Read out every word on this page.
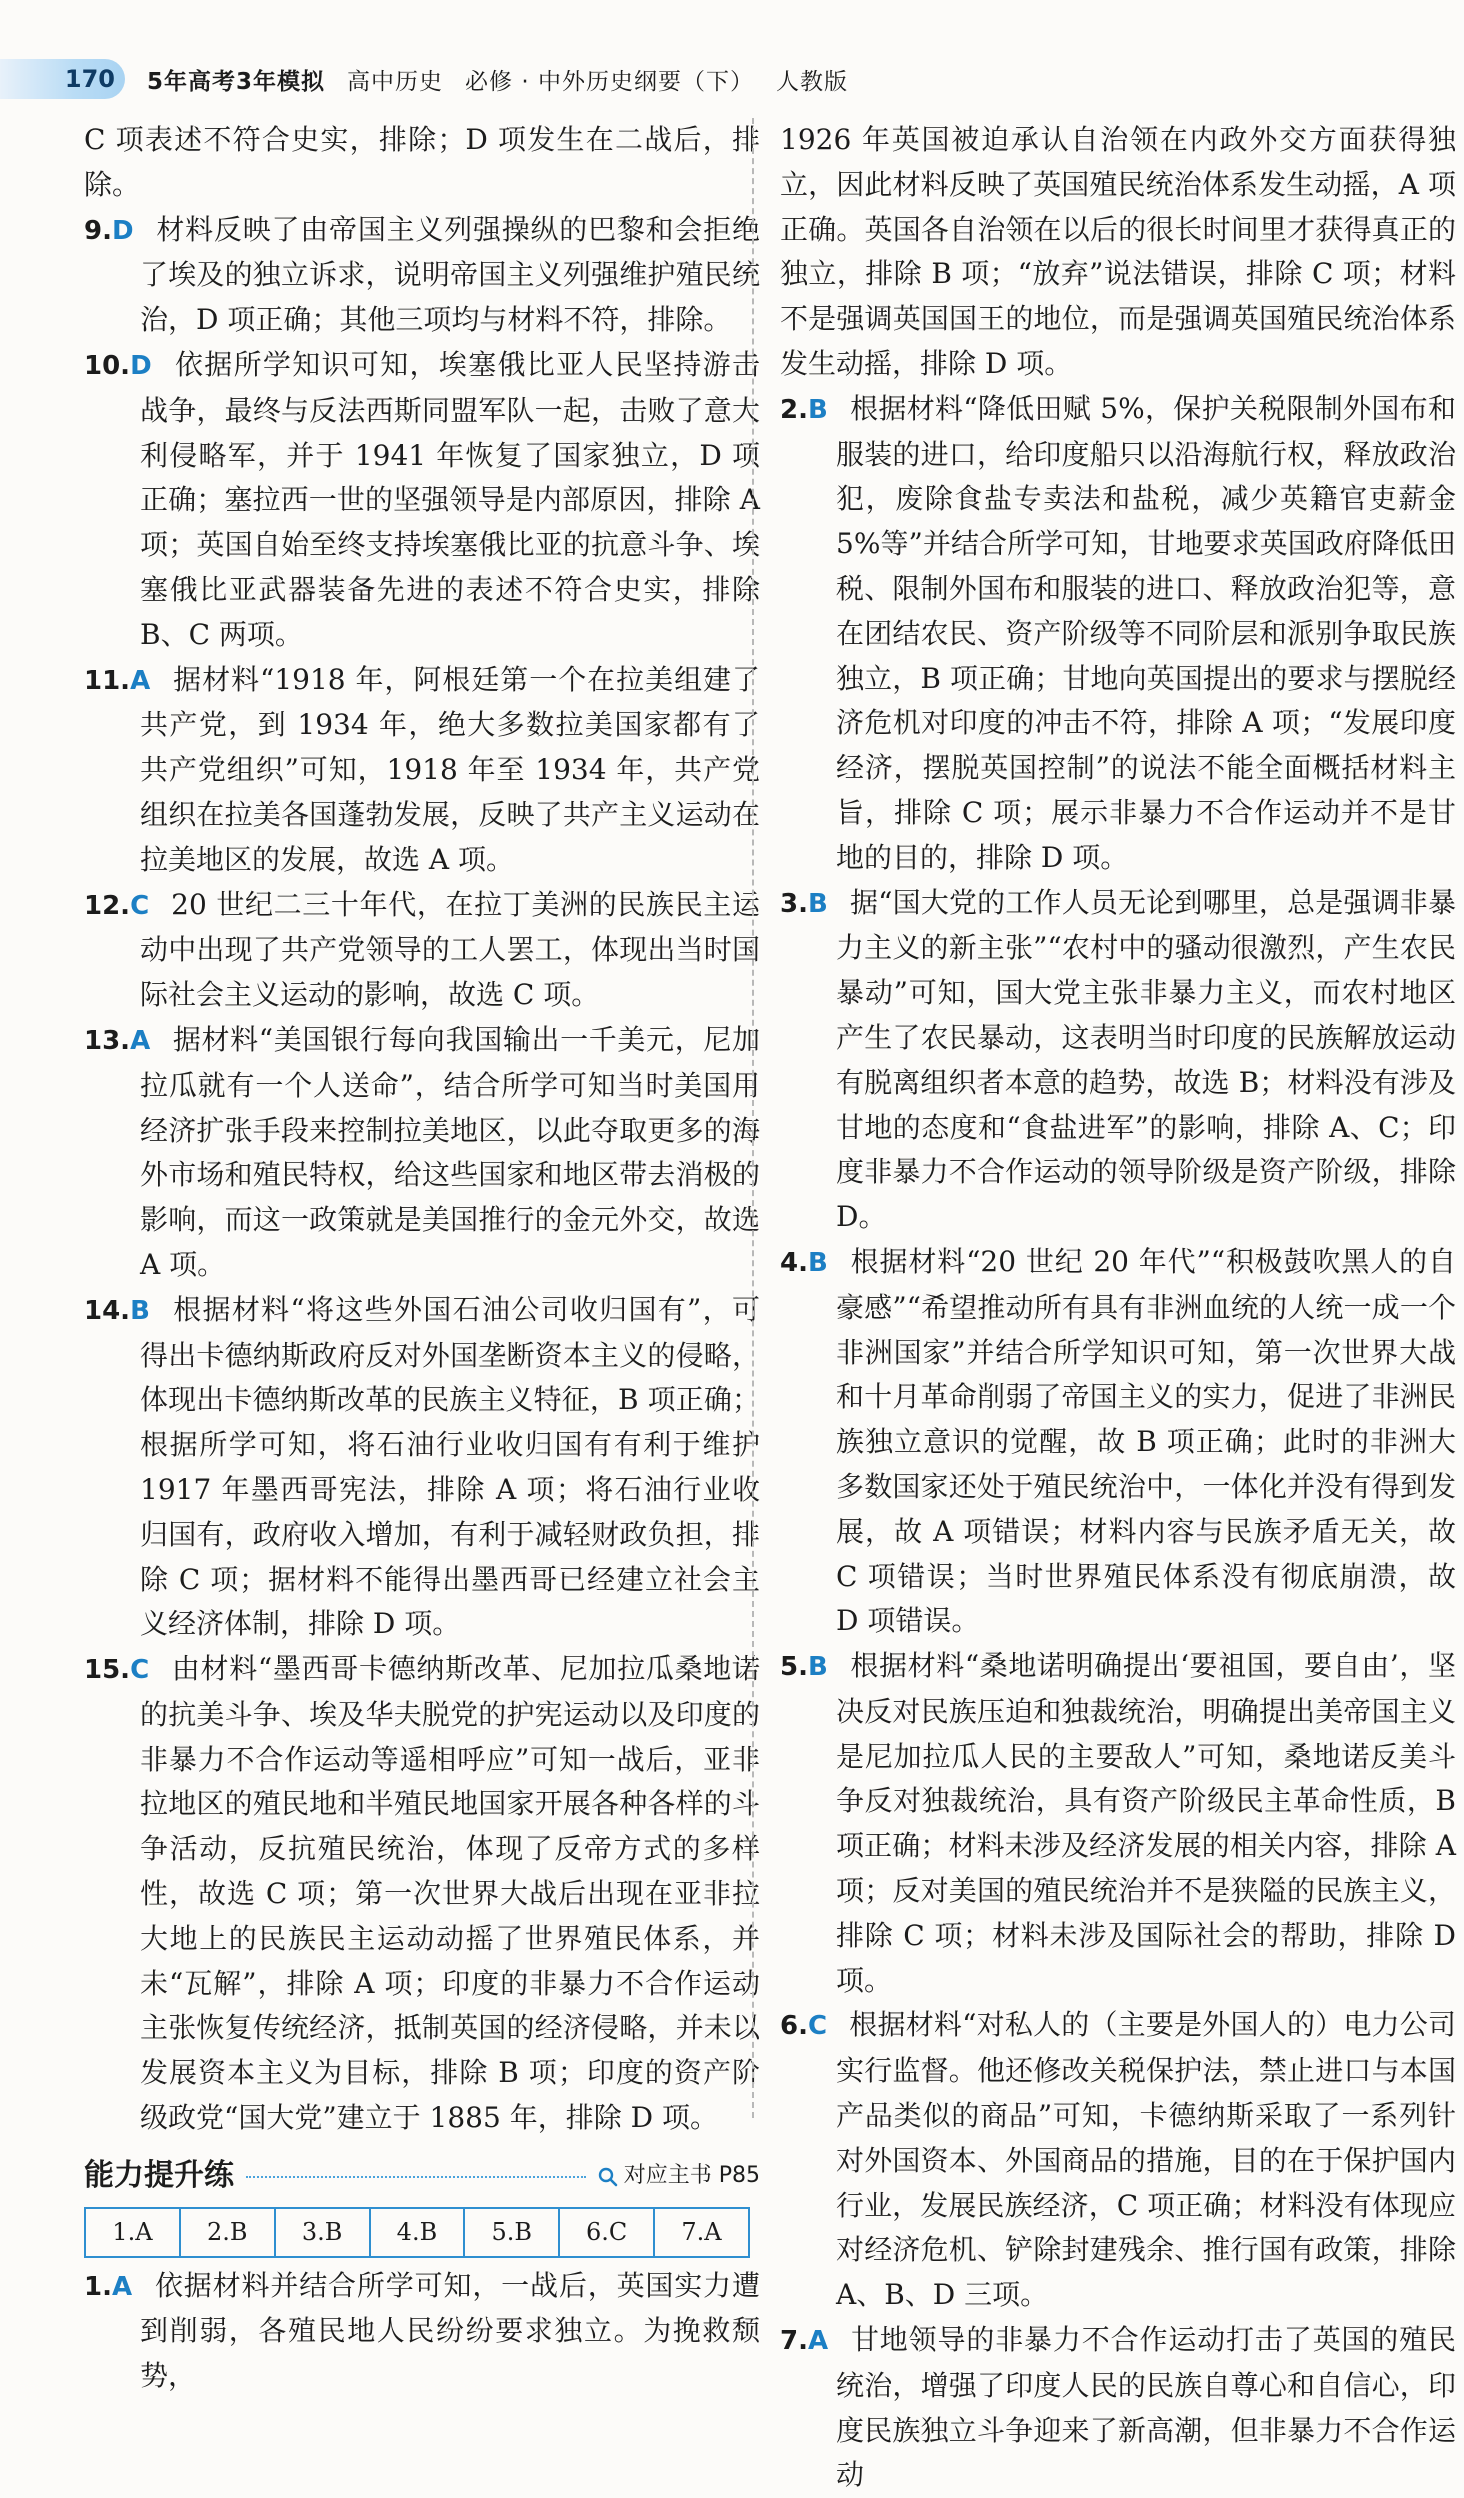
170 5年高考3年模拟 高中历史 必修 · 中外历史纲要（下） 人教版

C 项表述不符合史实，排除；D 项发生在二战后，排除。

9.D 材料反映了由帝国主义列强操纵的巴黎和会拒绝了埃及的独立诉求，说明帝国主义列强维护殖民统治，D 项正确；其他三项均与材料不符，排除。

10.D 依据所学知识可知，埃塞俄比亚人民坚持游击战争，最终与反法西斯同盟军队一起，击败了意大利侵略军，并于 1941 年恢复了国家独立，D 项正确；塞拉西一世的坚强领导是内部原因，排除 A 项；英国自始至终支持埃塞俄比亚的抗意斗争、埃塞俄比亚武器装备先进的表述不符合史实，排除 B、C 两项。

11.A 据材料“1918 年，阿根廷第一个在拉美组建了共产党，到 1934 年，绝大多数拉美国家都有了共产党组织”可知，1918 年至 1934 年，共产党组织在拉美各国蓬勃发展，反映了共产主义运动在拉美地区的发展，故选 A 项。

12.C 20 世纪二三十年代，在拉丁美洲的民族民主运动中出现了共产党领导的工人罢工，体现出当时国际社会主义运动的影响，故选 C 项。

13.A 据材料“美国银行每向我国输出一千美元，尼加拉瓜就有一个人送命”，结合所学可知当时美国用经济扩张手段来控制拉美地区，以此夺取更多的海外市场和殖民特权，给这些国家和地区带去消极的影响，而这一政策就是美国推行的金元外交，故选 A 项。

14.B 根据材料“将这些外国石油公司收归国有”，可得出卡德纳斯政府反对外国垄断资本主义的侵略，体现出卡德纳斯改革的民族主义特征，B 项正确；根据所学可知，将石油行业收归国有有利于维护 1917 年墨西哥宪法，排除 A 项；将石油行业收归国有，政府收入增加，有利于减轻财政负担，排除 C 项；据材料不能得出墨西哥已经建立社会主义经济体制，排除 D 项。

15.C 由材料“墨西哥卡德纳斯改革、尼加拉瓜桑地诺的抗美斗争、埃及华夫脱党的护宪运动以及印度的非暴力不合作运动等遥相呼应”可知一战后，亚非拉地区的殖民地和半殖民地国家开展各种各样的斗争活动，反抗殖民统治，体现了反帝方式的多样性，故选 C 项；第一次世界大战后出现在亚非拉大地上的民族民主运动动摇了世界殖民体系，并未“瓦解”，排除 A 项；印度的非暴力不合作运动主张恢复传统经济，抵制英国的经济侵略，并未以发展资本主义为目标，排除 B 项；印度的资产阶级政党“国大党”建立于 1885 年，排除 D 项。

能力提升练	对应主书 P85
1.A	2.B	3.B	4.B	5.B	6.C	7.A

1.A 依据材料并结合所学可知，一战后，英国实力遭到削弱，各殖民地人民纷纷要求独立。为挽救颓势，

1926 年英国被迫承认自治领在内政外交方面获得独立，因此材料反映了英国殖民统治体系发生动摇，A 项正确。英国各自治领在以后的很长时间里才获得真正的独立，排除 B 项；“放弃”说法错误，排除 C 项；材料不是强调英国国王的地位，而是强调英国殖民统治体系发生动摇，排除 D 项。

2.B 根据材料“降低田赋 5%，保护关税限制外国布和服装的进口，给印度船只以沿海航行权，释放政治犯，废除食盐专卖法和盐税，减少英籍官吏薪金 5%等”并结合所学可知，甘地要求英国政府降低田税、限制外国布和服装的进口、释放政治犯等，意在团结农民、资产阶级等不同阶层和派别争取民族独立，B 项正确；甘地向英国提出的要求与摆脱经济危机对印度的冲击不符，排除 A 项；“发展印度经济，摆脱英国控制”的说法不能全面概括材料主旨，排除 C 项；展示非暴力不合作运动并不是甘地的目的，排除 D 项。

3.B 据“国大党的工作人员无论到哪里，总是强调非暴力主义的新主张”“农村中的骚动很激烈，产生农民暴动”可知，国大党主张非暴力主义，而农村地区产生了农民暴动，这表明当时印度的民族解放运动有脱离组织者本意的趋势，故选 B；材料没有涉及甘地的态度和“食盐进军”的影响，排除 A、C；印度非暴力不合作运动的领导阶级是资产阶级，排除 D。

4.B 根据材料“20 世纪 20 年代”“积极鼓吹黑人的自豪感”“希望推动所有具有非洲血统的人统一成一个非洲国家”并结合所学知识可知，第一次世界大战和十月革命削弱了帝国主义的实力，促进了非洲民族独立意识的觉醒，故 B 项正确；此时的非洲大多数国家还处于殖民统治中，一体化并没有得到发展，故 A 项错误；材料内容与民族矛盾无关，故 C 项错误；当时世界殖民体系没有彻底崩溃，故 D 项错误。

5.B 根据材料“桑地诺明确提出‘要祖国，要自由’，坚决反对民族压迫和独裁统治，明确提出美帝国主义是尼加拉瓜人民的主要敌人”可知，桑地诺反美斗争反对独裁统治，具有资产阶级民主革命性质，B 项正确；材料未涉及经济发展的相关内容，排除 A 项；反对美国的殖民统治并不是狭隘的民族主义，排除 C 项；材料未涉及国际社会的帮助，排除 D 项。

6.C 根据材料“对私人的（主要是外国人的）电力公司实行监督。他还修改关税保护法，禁止进口与本国产品类似的商品”可知，卡德纳斯采取了一系列针对外国资本、外国商品的措施，目的在于保护国内行业，发展民族经济，C 项正确；材料没有体现应对经济危机、铲除封建残余、推行国有政策，排除 A、B、D 三项。

7.A 甘地领导的非暴力不合作运动打击了英国的殖民统治，增强了印度人民的民族自尊心和自信心，印度民族独立斗争迎来了新高潮，但非暴力不合作运动
